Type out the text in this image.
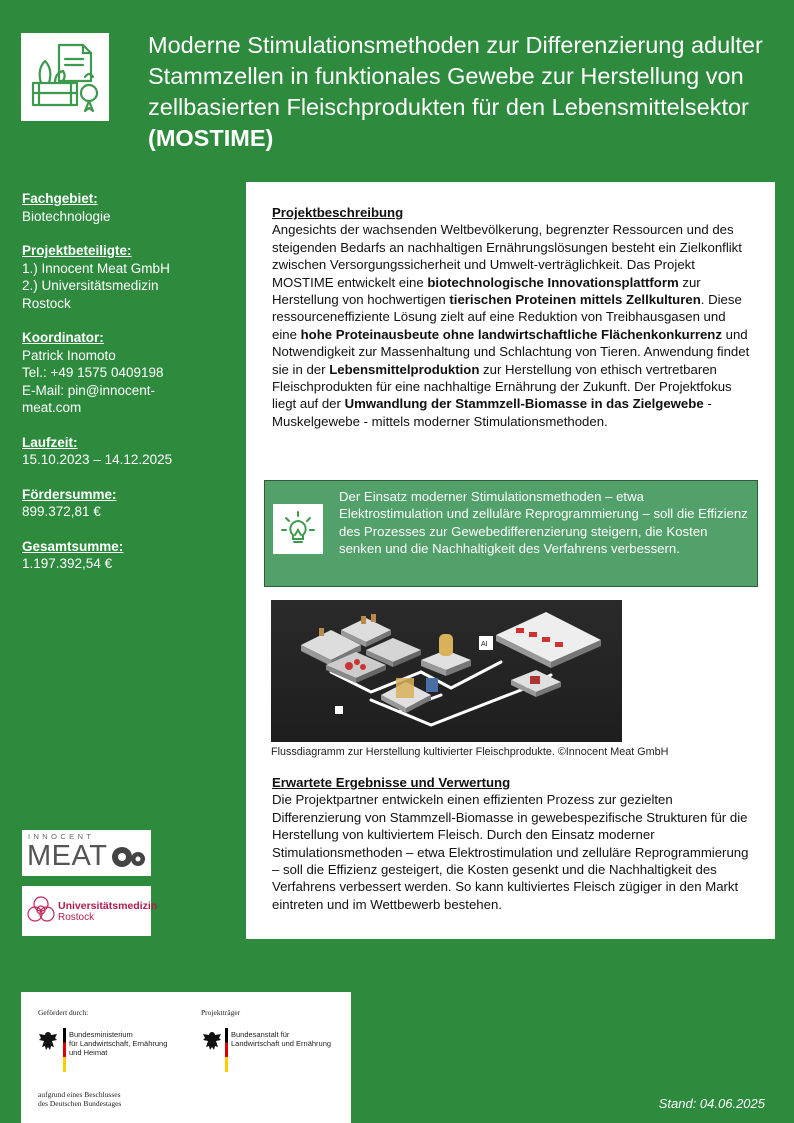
Moderne Stimulationsmethoden zur Differenzierung adulter Stammzellen in funktionales Gewebe zur Herstellung von zellbasierten Fleischprodukten für den Lebensmittelsektor (MOSTIME)
Fachgebiet:
Biotechnologie
Projektbeteiligte:
1.) Innocent Meat GmbH
2.) Universitätsmedizin
Rostock
Koordinator:
Patrick Inomoto
Tel.: +49 1575 0409198
E-Mail: pin@innocent-
meat.com
Laufzeit:
15.10.2023 – 14.12.2025
Fördersumme:
899.372,81 €
Gesamtsumme:
1.197.392,54 €
INNOCENT
MEAT
Universitätsmedizin
Rostock
Projektbeschreibung

Angesichts der wachsenden Weltbevölkerung, begrenzter Ressourcen und des steigenden Bedarfs an nachhaltigen Ernährungslösungen besteht ein Zielkonflikt zwischen Versorgungssicherheit und Umwelt-verträglichkeit. Das Projekt MOSTIME entwickelt eine biotechnologische Innovationsplattform zur Herstellung von hochwertigen tierischen Proteinen mittels Zellkulturen. Diese ressourceneffiziente Lösung zielt auf eine Reduktion von Treibhausgasen und eine hohe Proteinausbeute ohne landwirtschaftliche Flächenkonkurrenz und Notwendigkeit zur Massenhaltung und Schlachtung von Tieren. Anwendung findet sie in der Lebensmittelproduktion zur Herstellung von ethisch vertretbaren Fleischprodukten für eine nachhaltige Ernährung der Zukunft. Der Projektfokus liegt auf der Umwandlung der Stammzell-Biomasse in das Zielgewebe - Muskelgewebe - mittels moderner Stimulationsmethoden.

Der Einsatz moderner Stimulationsmethoden – etwa Elektrostimulation und zelluläre Reprogrammierung – soll die Effizienz des Prozesses zur Gewebedifferenzierung steigern, die Kosten senken und die Nachhaltigkeit des Verfahrens verbessern.
AI
Flussdiagramm zur Herstellung kultivierter Fleischprodukte. ©Innocent Meat GmbH
Erwartete Ergebnisse und Verwertung

Die Projektpartner entwickeln einen effizienten Prozess zur gezielten Differenzierung von Stammzell-Biomasse in gewebespezifische Strukturen für die Herstellung von kultiviertem Fleisch. Durch den Einsatz moderner Stimulationsmethoden – etwa Elektrostimulation und zelluläre Reprogrammierung – soll die Effizienz gesteigert, die Kosten gesenkt und die Nachhaltigkeit des Verfahrens verbessert werden. So kann kultiviertes Fleisch zügiger in den Markt eintreten und im Wettbewerb bestehen.

Gefördert durch:	Projektträger
Bundesministerium
für Landwirtschaft, Ernährung
und Heimat
Bundesanstalt für
Landwirtschaft und Ernährung
aufgrund eines Beschlusses
des Deutschen Bundestages	Stand: 04.06.2025
